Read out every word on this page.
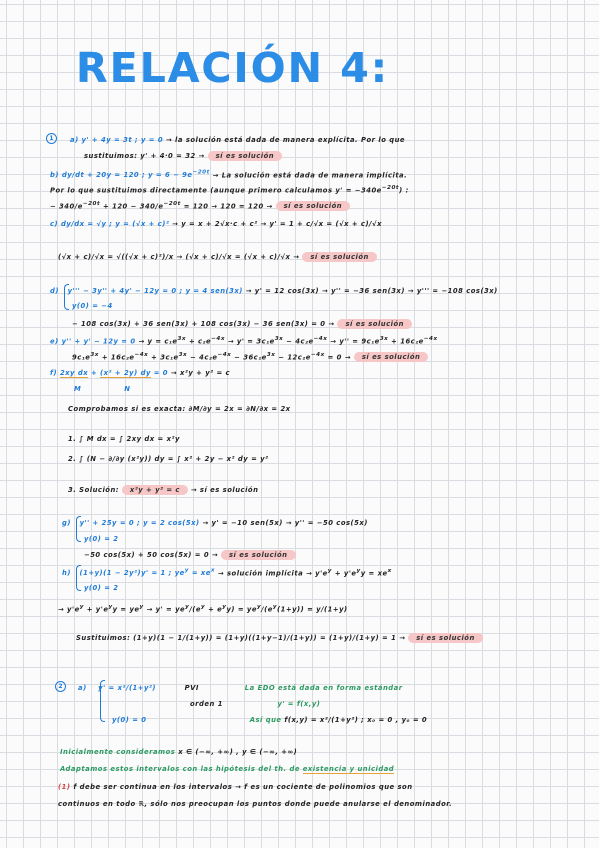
RELACIÓN 4:
1
2
a) y' + 4y = 3t ; y = 0 → la solución está dada de manera explícita. Por lo que
sustituimos: y' + 4·0 = 32 → sí es solución
b) dy/dt + 20y = 120 ; $y = 6 - 9e^{-20t} \to La$ solución está dada de manera implícita.
Por lo que sustituimos directamente (aunque primero calculamos $y' = -340e^{-20t}$) :
− $340/e^{-20t} + 120 - 340/e^{-20t} = 120 \to 120 = 120$ → sí es solución
c) dy/dx = √y ; y = (√x + c)² → y = x + 2√x·c + c² → y' = 1 + c/√x = (√x + c)/√x
(√x + c)/√x = √((√x + c)²)/x → (√x + c)/√x = (√x + c)/√x → sí es solución
d)   y''' − 3y'' + 4y' − 12y = 0 ; y = 4 sen(3x) → y' = 12 cos(3x) → y'' = −36 sen(3x) → y''' = −108 cos(3x)
y(0) = −4
− 108 cos(3x) + 36 sen(3x) + 108 cos(3x) − 36 sen(3x) = 0 → sí es solución
e) $y'' + y' - 12y = 0 \to y = c_1e^{3x} + c_2e^{-4x} \to y' = 3c_1e^{3x} - 4c_2e^{-4x} \to y'' = 9c_1e^{3x} + 16c_2e^{-4x}$
$9c_1e^{3x} + 16c_2e^{-4x} + 3c_1e^{3x} - 4c_2e^{-4x} - 36c_1e^{3x} - 12c_2e^{-4x} = 0$ → sí es solución
f) 2xy dx + (x² + 2y) dy = 0 → x²y + y² = c
M               N
Comprobamos si es exacta: ∂M/∂y = 2x = ∂N/∂x = 2x
1. ∫ M dx = ∫ 2xy dx = x²y
2. ∫ (N − ∂/∂y (x²y)) dy = ∫ x² + 2y − x² dy = y²
3. Solución: x²y + y² = c → sí es solución
g)   y'' + 25y = 0 ; y = 2 cos(5x) → y' = −10 sen(5x) → y'' = −50 cos(5x)
y(0) = 2
−50 cos(5x) + 50 cos(5x) = 0 → sí es solución
h)   (1+y)(1 − 2y²)y' = 1 ; $ye^y = xe^x$ → solución implícita → $y'e^y + y'e^yy = xe^x$
y(0) = 2
→ $y'e^y + y'e^yy = ye^y \to y' = ye^y/(e^y + e^yy) = ye^y/(e^y(1+y)) = y/(1+y)$
Sustituimos: (1+y)(1 − 1/(1+y)) = (1+y)((1+y−1)/(1+y)) = (1+y)/(1+y) = 1 → sí es solución
a)    y' = x²/(1+y²)          PVI                La EDO está dada en forma estándar
orden 1                   y' = f(x,y)
y(0) = 0	Así que f(x,y) = x²/(1+y²) ; x₀ = 0 , y₀ = 0
Inicialmente consideramos x ∈ (−∞, +∞) , y ∈ (−∞, +∞)
Adaptamos estos intervalos con las hipótesis del th. de existencia y unicidad
(1) f debe ser continua en los intervalos → f es un cociente de polinomios que son
continuos en todo ℝ, sólo nos preocupan los puntos donde puede anularse el denominador.
